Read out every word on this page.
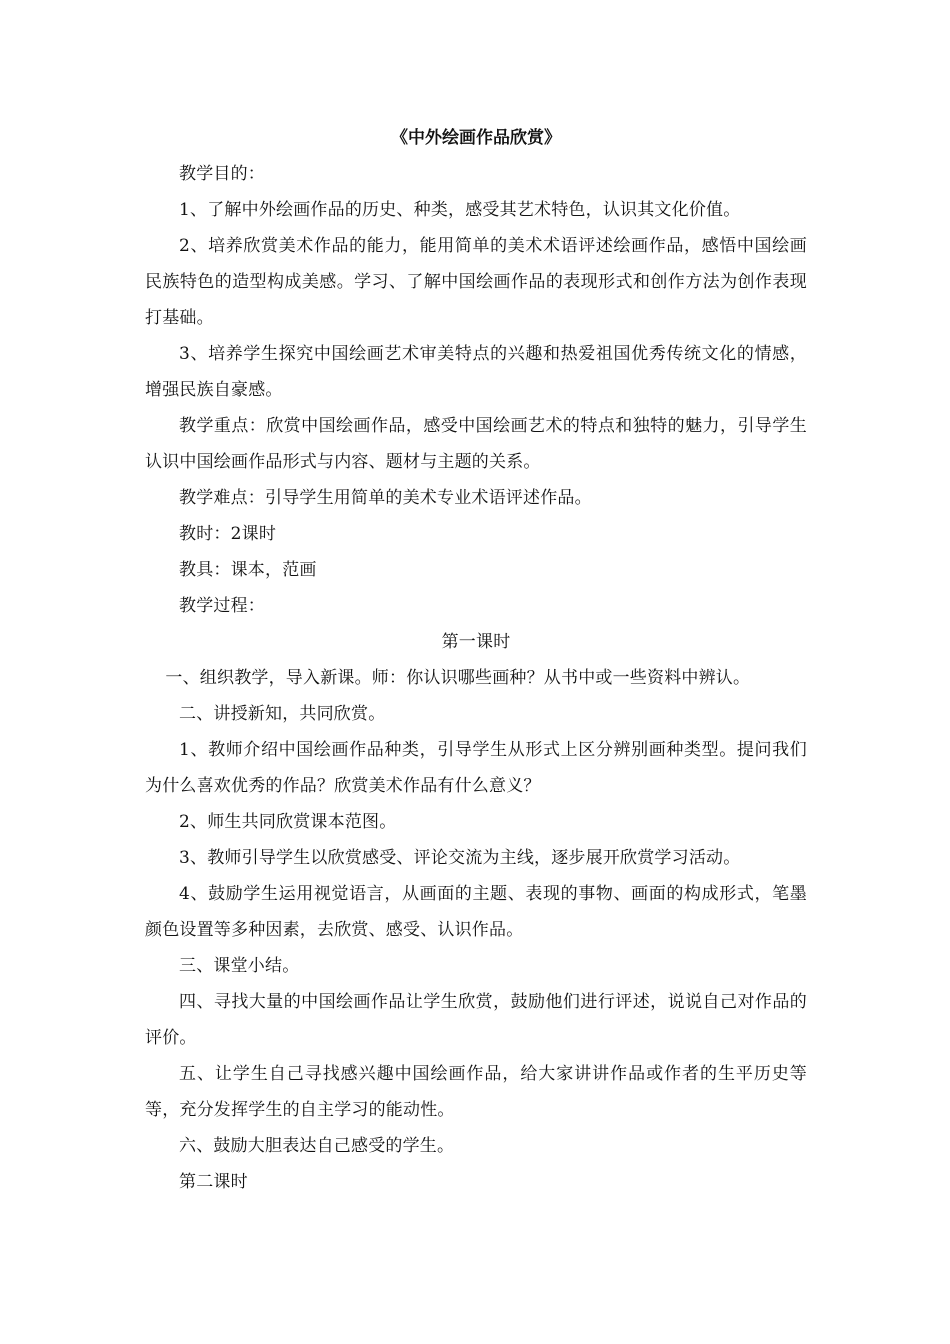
《中外绘画作品欣赏》

教学目的：

1、了解中外绘画作品的历史、种类，感受其艺术特色，认识其文化价值。

2、培养欣赏美术作品的能力，能用简单的美术术语评述绘画作品，感悟中国绘画民族特色的造型构成美感。学习、了解中国绘画作品的表现形式和创作方法为创作表现打基础。

3、培养学生探究中国绘画艺术审美特点的兴趣和热爱祖国优秀传统文化的情感，增强民族自豪感。

教学重点：欣赏中国绘画作品，感受中国绘画艺术的特点和独特的魅力，引导学生认识中国绘画作品形式与内容、题材与主题的关系。

教学难点：引导学生用简单的美术专业术语评述作品。

教时：2课时

教具：课本，范画

教学过程：

第一课时

一、组织教学，导入新课。师：你认识哪些画种？从书中或一些资料中辨认。

二、讲授新知，共同欣赏。

1、教师介绍中国绘画作品种类，引导学生从形式上区分辨别画种类型。提问我们为什么喜欢优秀的作品？欣赏美术作品有什么意义？

2、师生共同欣赏课本范图。

3、教师引导学生以欣赏感受、评论交流为主线，逐步展开欣赏学习活动。

4、鼓励学生运用视觉语言，从画面的主题、表现的事物、画面的构成形式，笔墨颜色设置等多种因素，去欣赏、感受、认识作品。

三、课堂小结。

四、寻找大量的中国绘画作品让学生欣赏，鼓励他们进行评述，说说自己对作品的评价。

五、让学生自己寻找感兴趣中国绘画作品，给大家讲讲作品或作者的生平历史等等，充分发挥学生的自主学习的能动性。

六、鼓励大胆表达自己感受的学生。

第二课时
